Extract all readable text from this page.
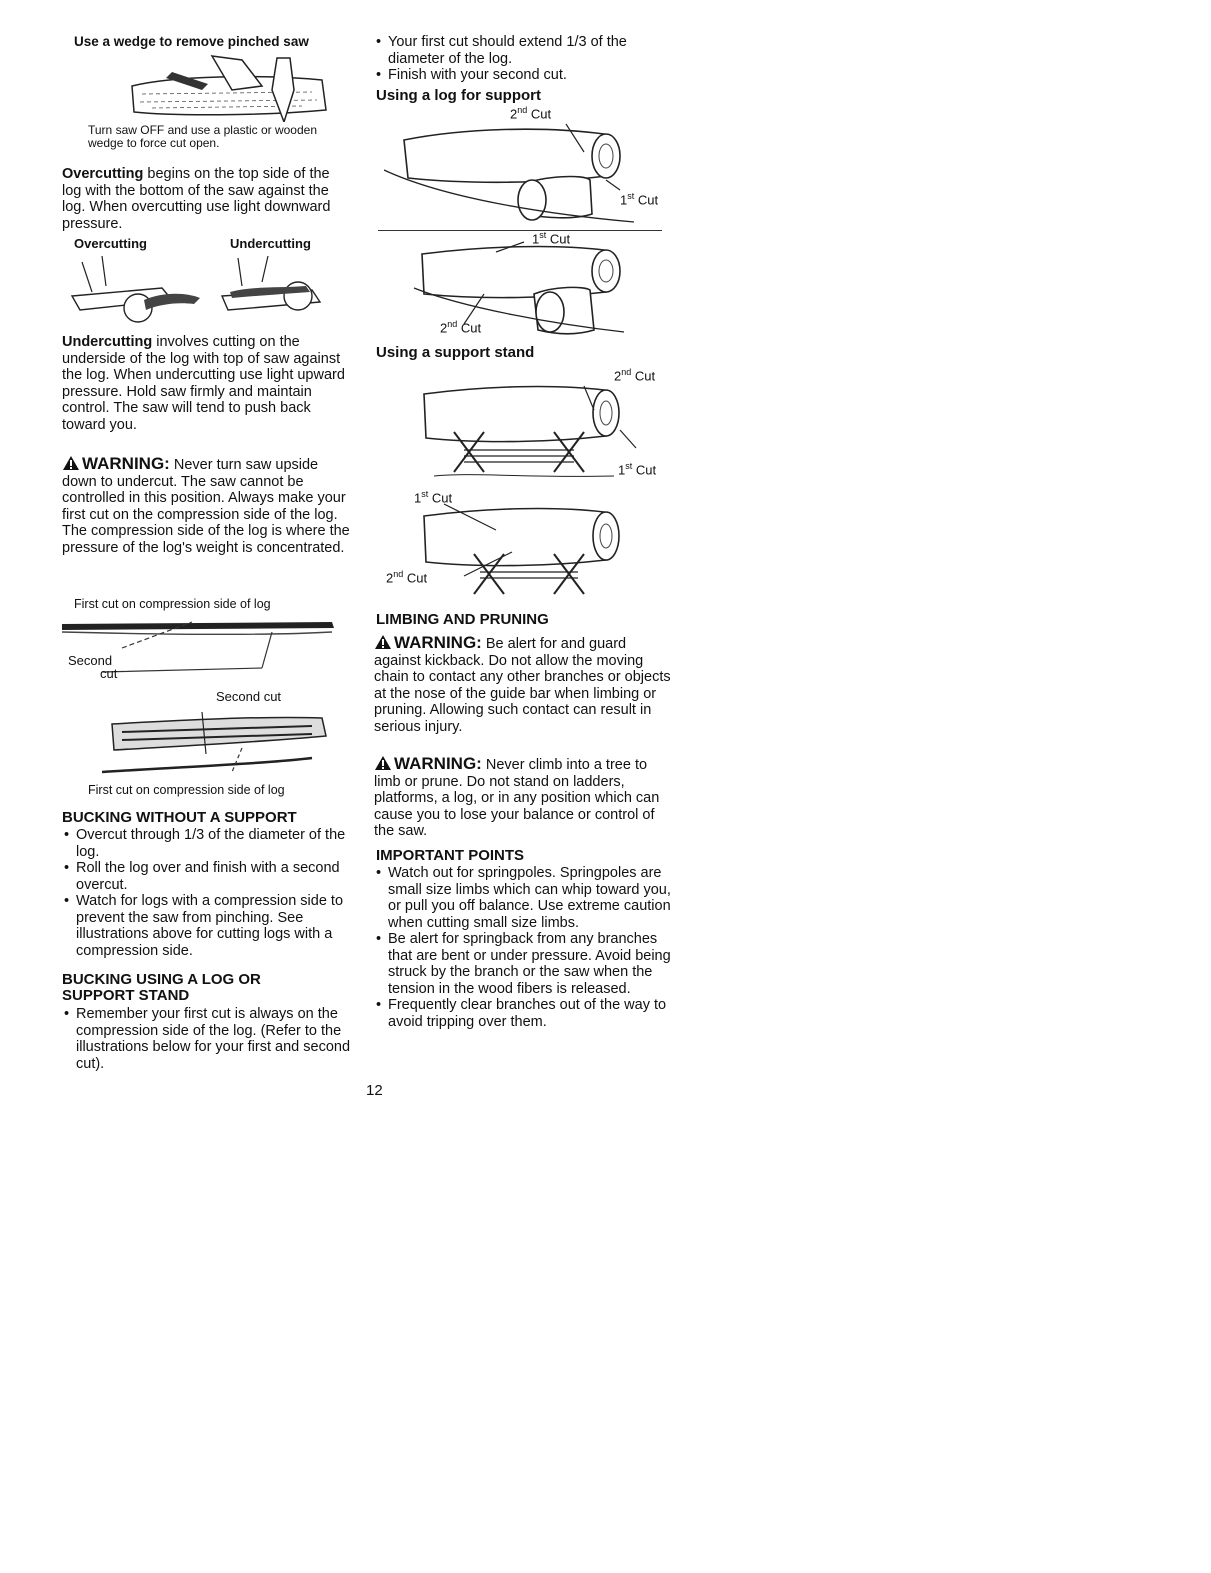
Use a wedge to remove pinched saw
Turn saw OFF and use a plastic or wooden wedge to force cut open.

Overcutting begins on the top side of the log with the bottom of the saw against the log. When overcutting use light downward pressure.

Overcutting	Undercutting

Undercutting involves cutting on the underside of the log with top of saw against the log. When undercutting use light upward pressure. Hold saw firmly and maintain control. The saw will tend to push back toward you.

WARNING: Never turn saw upside down to undercut. The saw cannot be controlled in this position. Always make your first cut on the compression side of the log. The compression side of the log is where the pressure of the log's weight is concentrated.

First cut on compression side of log
Second
cut
Second cut
First cut on compression side of log
BUCKING WITHOUT A SUPPORT
• Overcut through 1/3 of the diameter of the log.
• Roll the log over and finish with a second overcut.
• Watch for logs with a compression side to prevent the saw from pinching. See illustrations above for cutting logs with a compression side.
BUCKING USING A LOG OR SUPPORT STAND
• Remember your first cut is always on the compression side of the log. (Refer to the illustrations below for your first and second cut).
• Your first cut should extend 1/3 of the diameter of the log.
• Finish with your second cut.
Using a log for support
2nd Cut
1st Cut
1st Cut
2nd Cut
Using a support stand
2nd Cut
1st Cut
1st Cut
2nd Cut
LIMBING AND PRUNING

WARNING: Be alert for and guard against kickback. Do not allow the moving chain to contact any other branches or objects at the nose of the guide bar when limbing or pruning. Allowing such contact can result in serious injury.

WARNING: Never climb into a tree to limb or prune. Do not stand on ladders, platforms, a log, or in any position which can cause you to lose your balance or control of the saw.

IMPORTANT POINTS
• Watch out for springpoles. Springpoles are small size limbs which can whip toward you, or pull you off balance. Use extreme caution when cutting small size limbs.
• Be alert for springback from any branches that are bent or under pressure. Avoid being struck by the branch or the saw when the tension in the wood fibers is released.
• Frequently clear branches out of the way to avoid tripping over them.
12
